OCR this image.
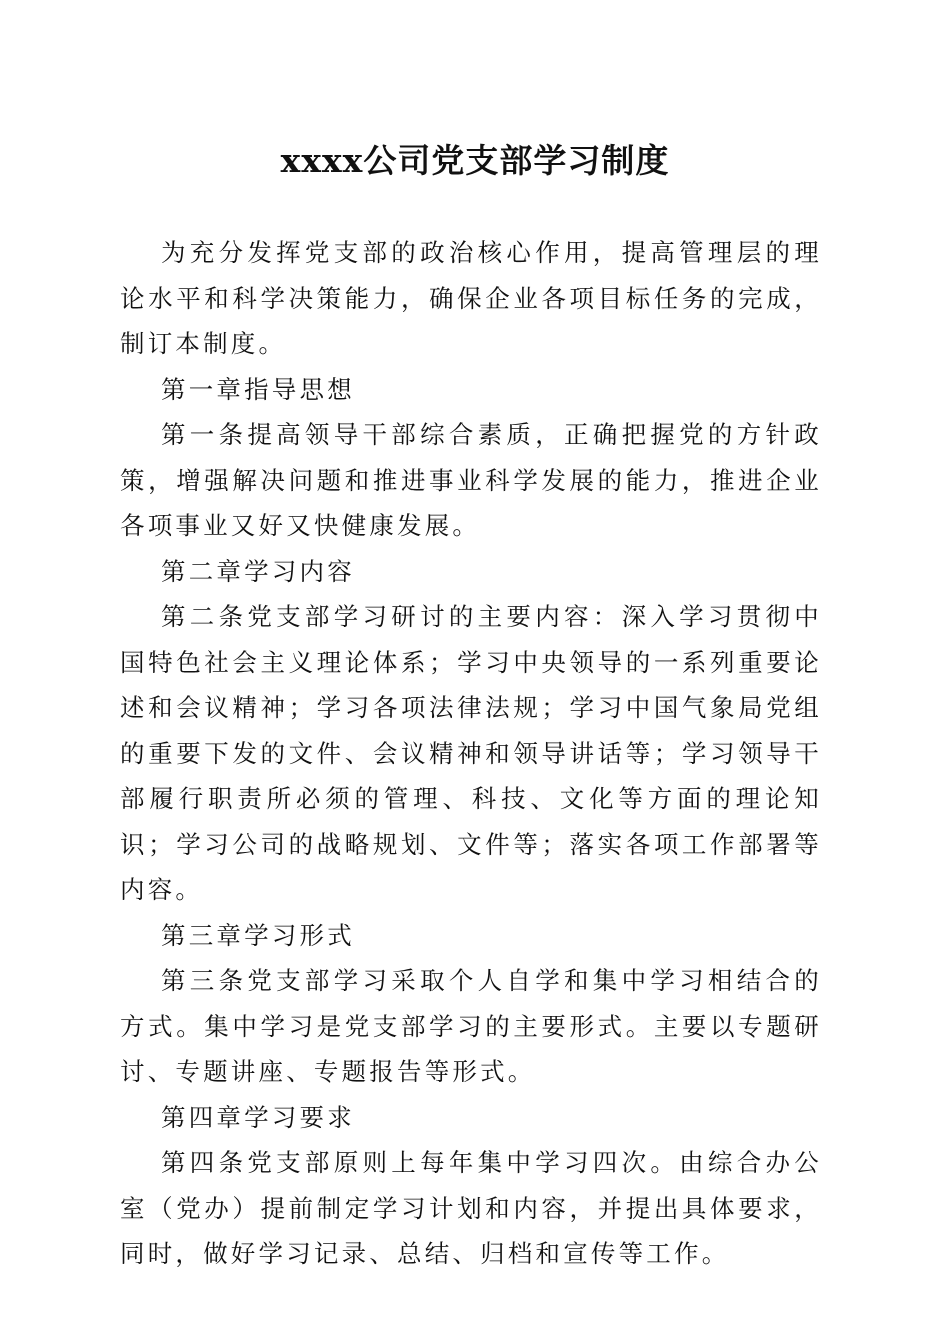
xxxx公司党支部学习制度

为充分发挥党支部的政治核心作用，提高管理层的理论水平和科学决策能力，确保企业各项目标任务的完成，制订本制度。

第一章指导思想

第一条提高领导干部综合素质，正确把握党的方针政策，增强解决问题和推进事业科学发展的能力，推进企业各项事业又好又快健康发展。

第二章学习内容

第二条党支部学习研讨的主要内容：深入学习贯彻中国特色社会主义理论体系；学习中央领导的一系列重要论述和会议精神；学习各项法律法规；学习中国气象局党组的重要下发的文件、会议精神和领导讲话等；学习领导干部履行职责所必须的管理、科技、文化等方面的理论知识；学习公司的战略规划、文件等；落实各项工作部署等内容。

第三章学习形式

第三条党支部学习采取个人自学和集中学习相结合的方式。集中学习是党支部学习的主要形式。主要以专题研讨、专题讲座、专题报告等形式。

第四章学习要求

第四条党支部原则上每年集中学习四次。由综合办公室（党办）提前制定学习计划和内容，并提出具体要求，同时，做好学习记录、总结、归档和宣传等工作。
